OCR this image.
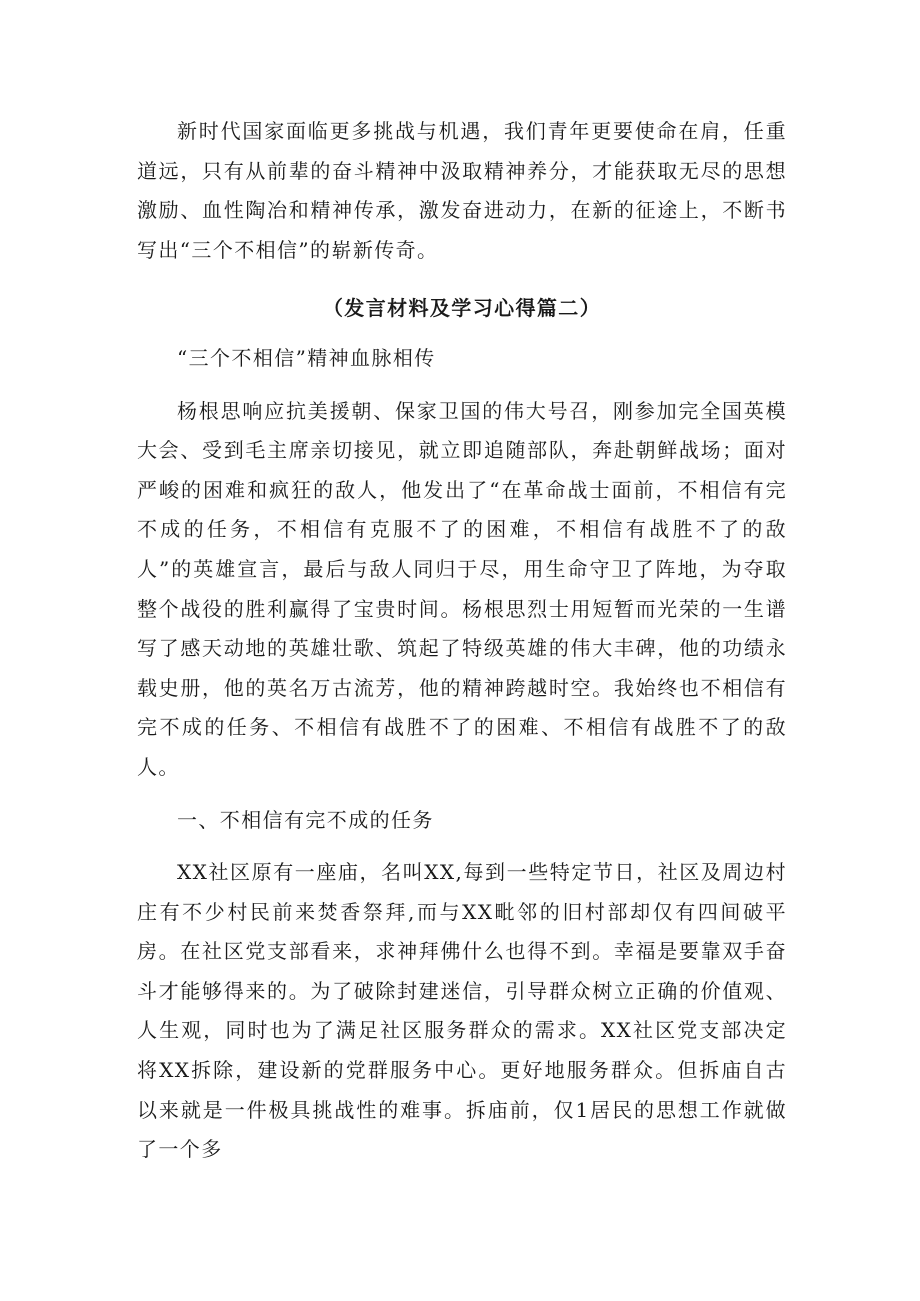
新时代国家面临更多挑战与机遇，我们青年更要使命在肩，任重道远，只有从前辈的奋斗精神中汲取精神养分，才能获取无尽的思想激励、血性陶冶和精神传承，激发奋进动力，在新的征途上，不断书写出“三个不相信”的崭新传奇。

（发言材料及学习心得篇二）

“三个不相信”精神血脉相传

杨根思响应抗美援朝、保家卫国的伟大号召，刚参加完全国英模大会、受到毛主席亲切接见，就立即追随部队，奔赴朝鲜战场；面对严峻的困难和疯狂的敌人，他发出了“在革命战士面前，不相信有完不成的任务，不相信有克服不了的困难，不相信有战胜不了的敌人”的英雄宣言，最后与敌人同归于尽，用生命守卫了阵地，为夺取整个战役的胜利赢得了宝贵时间。杨根思烈士用短暂而光荣的一生谱写了感天动地的英雄壮歌、筑起了特级英雄的伟大丰碑，他的功绩永载史册，他的英名万古流芳，他的精神跨越时空。我始终也不相信有完不成的任务、不相信有战胜不了的困难、不相信有战胜不了的敌人。

一、不相信有完不成的任务

XX社区原有一座庙，名叫XX,每到一些特定节日，社区及周边村庄有不少村民前来焚香祭拜,而与XX毗邻的旧村部却仅有四间破平房。在社区党支部看来，求神拜佛什么也得不到。幸福是要靠双手奋斗才能够得来的。为了破除封建迷信，引导群众树立正确的价值观、人生观，同时也为了满足社区服务群众的需求。XX社区党支部决定将XX拆除，建设新的党群服务中心。更好地服务群众。但拆庙自古以来就是一件极具挑战性的难事。拆庙前，仅1居民的思想工作就做了一个多
